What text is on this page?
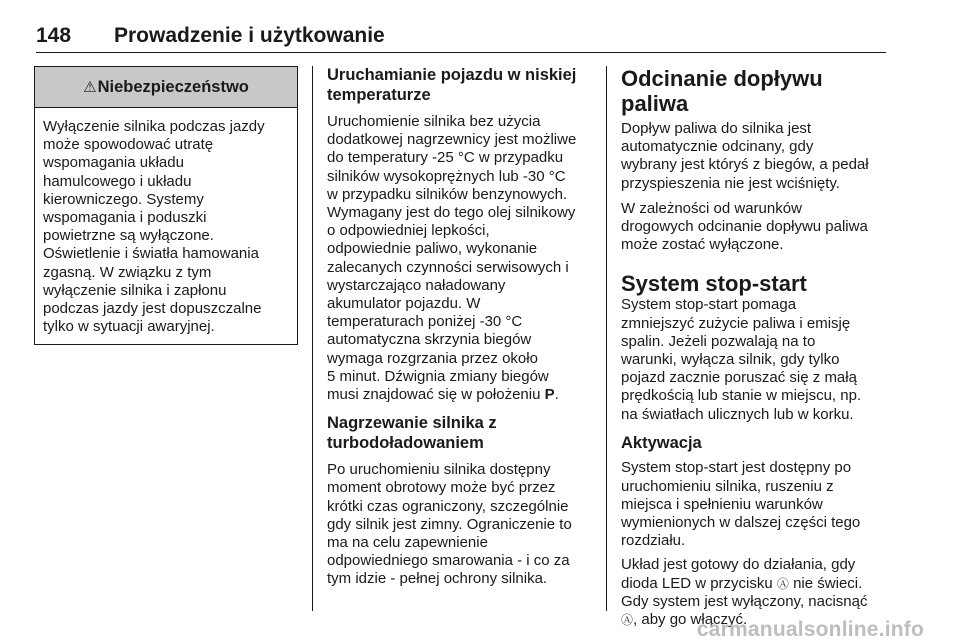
148 Prowadzenie i użytkowanie
⚠ Niebezpieczeństwo
Wyłączenie silnika podczas jazdy
może spowodować utratę
wspomagania układu
hamulcowego i układu
kierowniczego. Systemy
wspomagania i poduszki
powietrzne są wyłączone.
Oświetlenie i światła hamowania
zgasną. W związku z tym
wyłączenie silnika i zapłonu
podczas jazdy jest dopuszczalne
tylko w sytuacji awaryjnej.
Uruchamianie pojazdu w niskiej
temperaturze

Uruchomienie silnika bez użycia
dodatkowej nagrzewnicy jest możliwe
do temperatury -25 °C w przypadku
silników wysokoprężnych lub -30 °C
w przypadku silników benzynowych.
Wymagany jest do tego olej silnikowy
o odpowiedniej lepkości,
odpowiednie paliwo, wykonanie
zalecanych czynności serwisowych i
wystarczająco naładowany
akumulator pojazdu. W
temperaturach poniżej -30 °C
automatyczna skrzynia biegów
wymaga rozgrzania przez około
5 minut. Dźwignia zmiany biegów
musi znajdować się w położeniu P.

Nagrzewanie silnika z
turbodoładowaniem

Po uruchomieniu silnika dostępny
moment obrotowy może być przez
krótki czas ograniczony, szczególnie
gdy silnik jest zimny. Ograniczenie to
ma na celu zapewnienie
odpowiedniego smarowania - i co za
tym idzie - pełnej ochrony silnika.

Odcinanie dopływu paliwa

Dopływ paliwa do silnika jest
automatycznie odcinany, gdy
wybrany jest któryś z biegów, a pedał
przyspieszenia nie jest wciśnięty.

W zależności od warunków
drogowych odcinanie dopływu paliwa
może zostać wyłączone.

System stop-start

System stop-start pomaga
zmniejszyć zużycie paliwa i emisję
spalin. Jeżeli pozwalają na to
warunki, wyłącza silnik, gdy tylko
pojazd zacznie poruszać się z małą
prędkością lub stanie w miejscu, np.
na światłach ulicznych lub w korku.

Aktywacja

System stop-start jest dostępny po
uruchomieniu silnika, ruszeniu z
miejsca i spełnieniu warunków
wymienionych w dalszej części tego
rozdziału.

Układ jest gotowy do działania, gdy
dioda LED w przycisku Ⓐ nie świeci.
Gdy system jest wyłączony, nacisnąć
Ⓐ, aby go włączyć.

carmanualsonline.info
